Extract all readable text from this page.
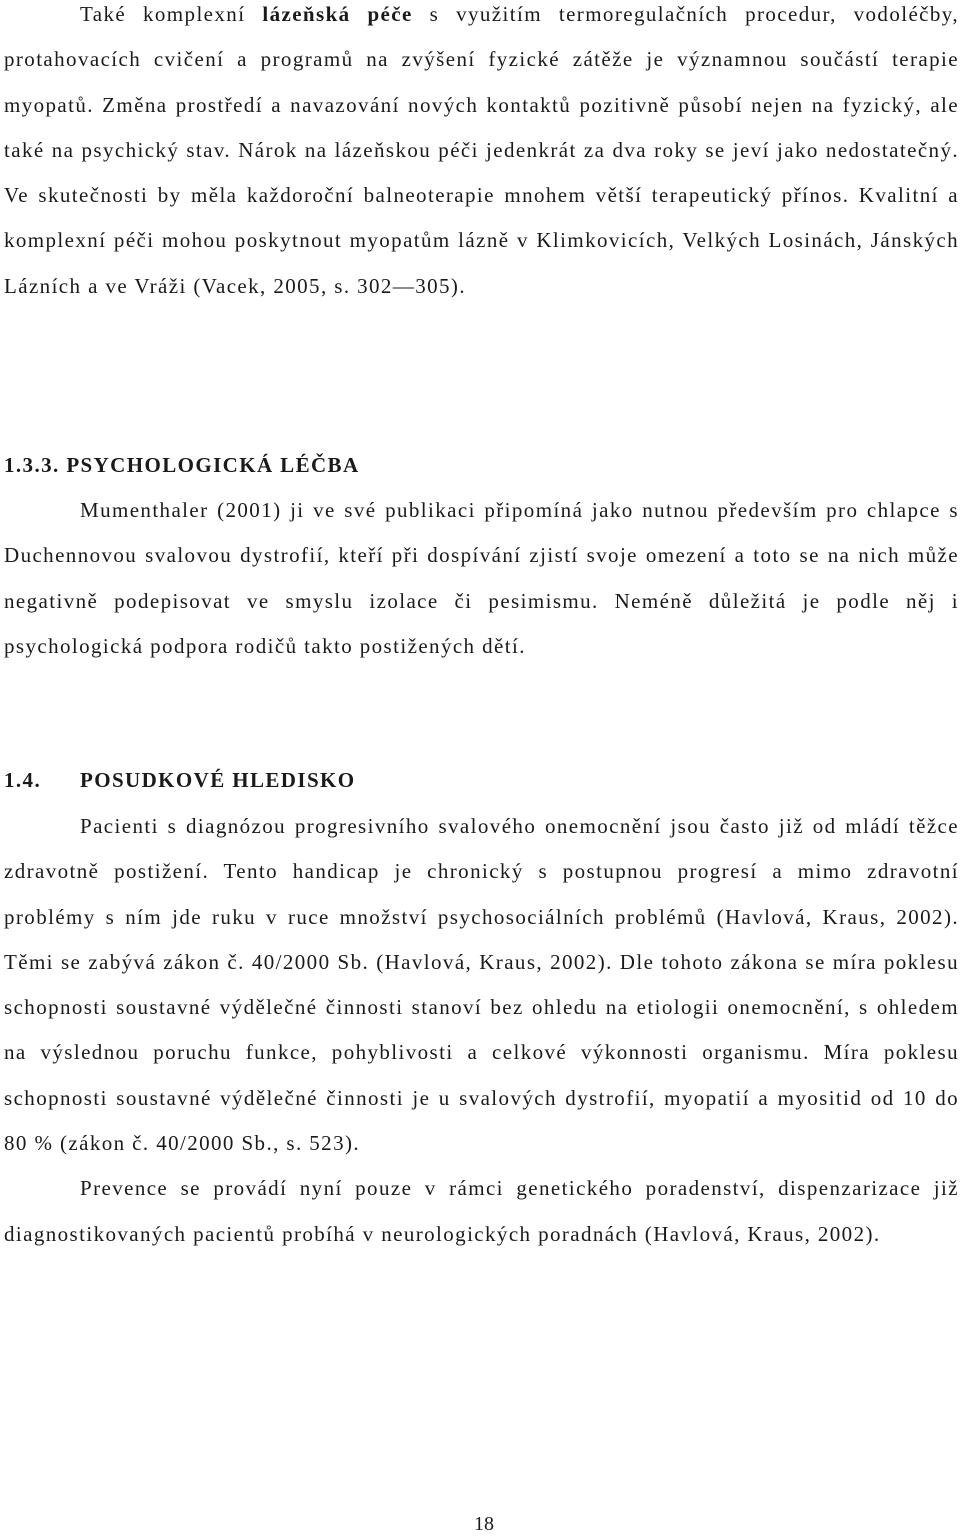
Také komplexní lázeňská péče s využitím termoregulačních procedur, vodoléčby, protahovacích cvičení a programů na zvýšení fyzické zátěže je významnou součástí terapie myopatů. Změna prostředí a navazování nových kontaktů pozitivně působí nejen na fyzický, ale také na psychický stav. Nárok na lázeňskou péči jedenkrát za dva roky se jeví jako nedostatečný. Ve skutečnosti by měla každoroční balneoterapie mnohem větší terapeutický přínos. Kvalitní a komplexní péči mohou poskytnout myopatům lázně v Klimkovicích, Velkých Losinách, Jánských Lázních a ve Vráži (Vacek, 2005, s. 302—305).

1.3.3. PSYCHOLOGICKÁ LÉČBA

Mumenthaler (2001) ji ve své publikaci připomíná jako nutnou především pro chlapce s Duchennovou svalovou dystrofií, kteří při dospívání zjistí svoje omezení a toto se na nich může negativně podepisovat ve smyslu izolace či pesimismu. Neméně důležitá je podle něj i psychologická podpora rodičů takto postižených dětí.

1.4. POSUDKOVÉ HLEDISKO

Pacienti s diagnózou progresivního svalového onemocnění jsou často již od mládí těžce zdravotně postižení. Tento handicap je chronický s postupnou progresí a mimo zdravotní problémy s ním jde ruku v ruce množství psychosociálních problémů (Havlová, Kraus, 2002). Těmi se zabývá zákon č. 40/2000 Sb. (Havlová, Kraus, 2002). Dle tohoto zákona se míra poklesu schopnosti soustavné výdělečné činnosti stanoví bez ohledu na etiologii onemocnění, s ohledem na výslednou poruchu funkce, pohyblivosti a celkové výkonnosti organismu. Míra poklesu schopnosti soustavné výdělečné činnosti je u svalových dystrofií, myopatií a myositid od 10 do 80 % (zákon č. 40/2000 Sb., s. 523).

Prevence se provádí nyní pouze v rámci genetického poradenství, dispenzarizace již diagnostikovaných pacientů probíhá v neurologických poradnách (Havlová, Kraus, 2002).

18
